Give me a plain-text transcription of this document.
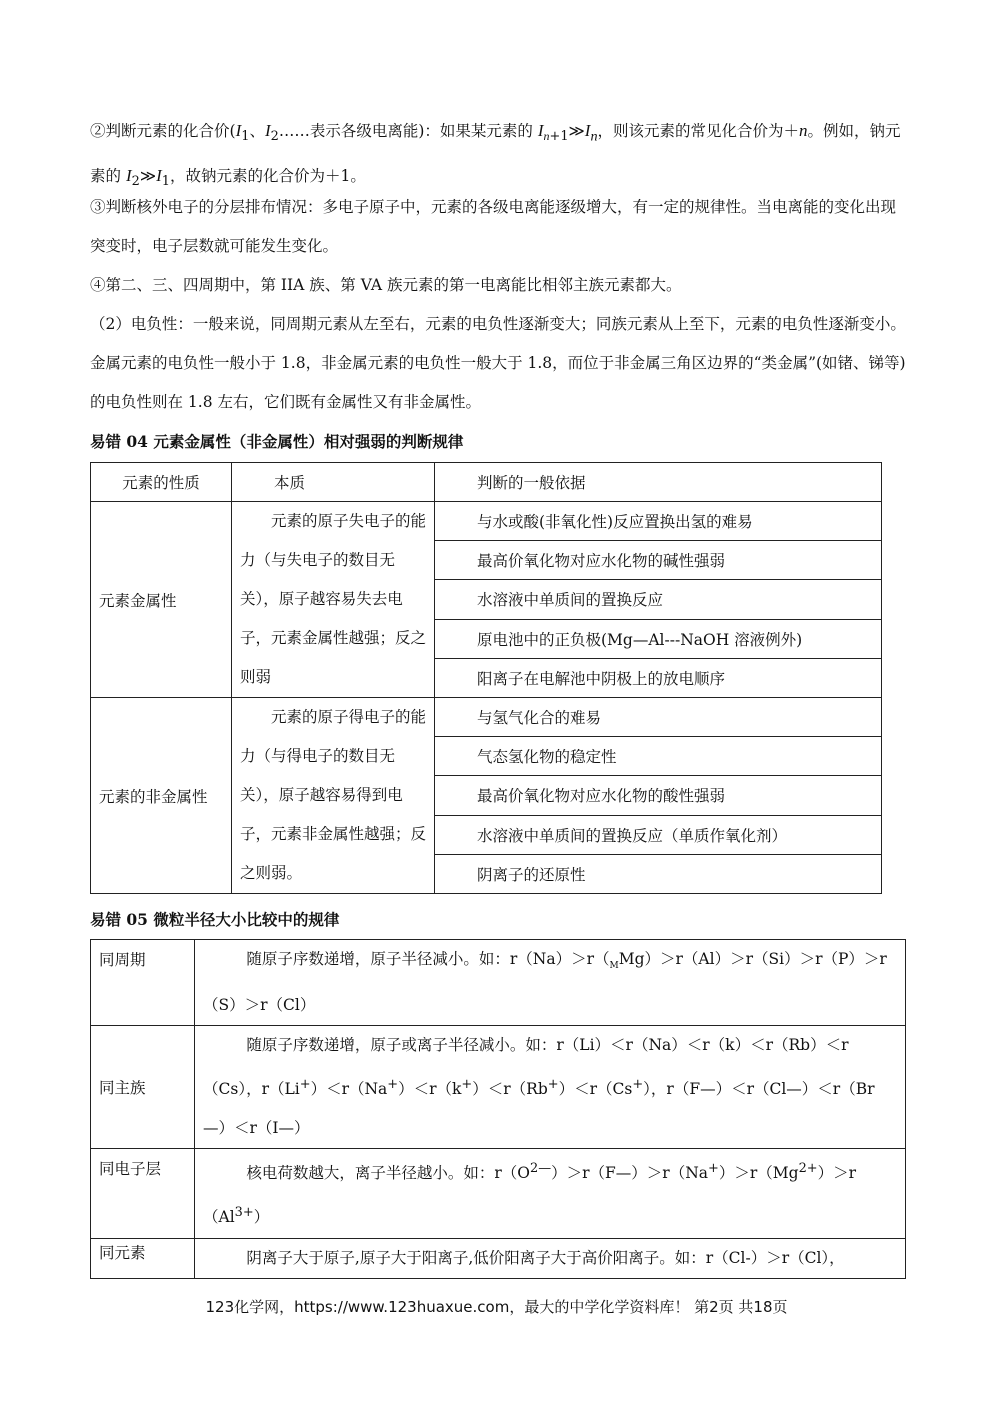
②判断元素的化合价($I_1$、$I_2\dots\dots$表示各级电离能)：如果某元素的 $I_{n+1}≫I_n$，则该元素的常见化合价为＋n。例如，钠元素的 $I_2≫I_1$，故钠元素的化合价为＋1。
③判断核外电子的分层排布情况：多电子原子中，元素的各级电离能逐级增大，有一定的规律性。当电离能的变化出现突变时，电子层数就可能发生变化。
④第二、三、四周期中，第 IIA 族、第 VA 族元素的第一电离能比相邻主族元素都大。
（2）电负性：一般来说，同周期元素从左至右，元素的电负性逐渐变大；同族元素从上至下，元素的电负性逐渐变小。金属元素的电负性一般小于 1.8，非金属元素的电负性一般大于 1.8，而位于非金属三角区边界的“类金属”(如锗、锑等)的电负性则在 1.8 左右，它们既有金属性又有非金属性。
易错 04 元素金属性（非金属性）相对强弱的判断规律
元素的性质	本质	判断的一般依据
元素金属性	元素的原子失电子的能力（与失电子的数目无关），原子越容易失去电子，元素金属性越强；反之则弱	与水或酸(非氧化性)反应置换出氢的难易
		最高价氧化物对应水化物的碱性强弱
		水溶液中单质间的置换反应
		原电池中的正负极(Mg—Al---NaOH 溶液例外)
		阳离子在电解池中阴极上的放电顺序
元素的非金属性	元素的原子得电子的能力（与得电子的数目无关），原子越容易得到电子，元素非金属性越强；反之则弱。	与氢气化合的难易
		气态氢化物的稳定性
		最高价氧化物对应水化物的酸性强弱
		水溶液中单质间的置换反应（单质作氧化剂）
		阴离子的还原性
易错 05 微粒半径大小比较中的规律
同周期	随原子序数递增，原子半径减小。如：$r(Na)>r(_MMg)>r(Al)>r(Si)>r(P)>r(S)>r(Cl)$
同主族	随原子序数递增，原子或离子半径减小。如：r（Li）＜r（Na）＜r（k）＜r（Rb）＜r（Cs），r（Li+）＜r（Na+）＜r（k+）＜r（Rb+）＜r（Cs+），r（F—）＜r（Cl—）＜r（Br—）＜r（I—）
同电子层	核电荷数越大，离子半径越小。如：$r(O^{2—})>r(F—)>r(Na^+)>r(Mg^{2+})>r(Al^{3+})$
同元素	阴离子大于原子,原子大于阳离子,低价阳离子大于高价阳离子。如：r（Cl-）＞r（Cl），
123化学网，https://www.123huaxue.com，最大的中学化学资料库！ 第2页 共18页
